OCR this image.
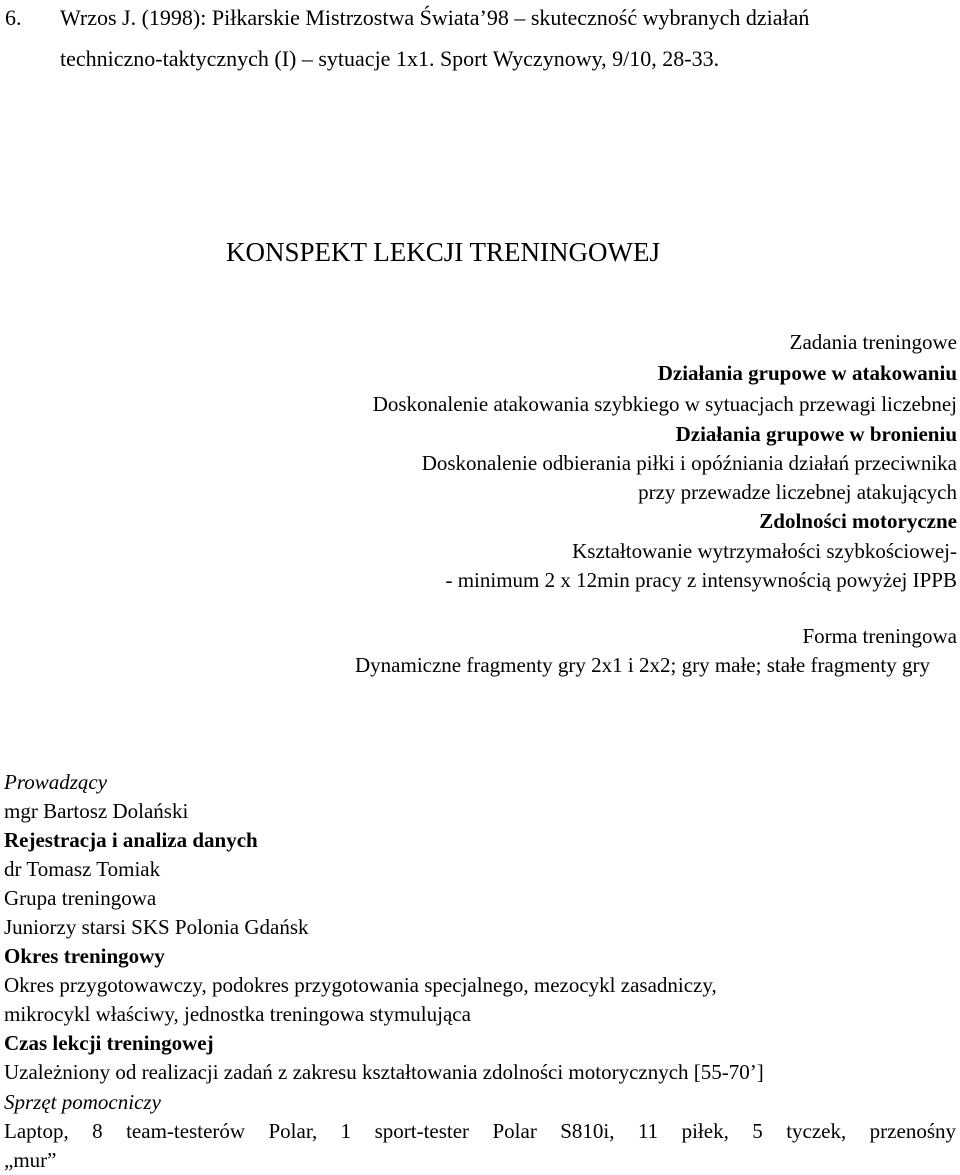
6. Wrzos J. (1998): Piłkarskie Mistrzostwa Świata’98 – skuteczność wybranych działań
techniczno-taktycznych (I) – sytuacje 1x1. Sport Wyczynowy, 9/10, 28-33.
KONSPEKT LEKCJI TRENINGOWEJ
Zadania treningowe
Działania grupowe w atakowaniu
Doskonalenie atakowania szybkiego w sytuacjach przewagi liczebnej
Działania grupowe w bronieniu
Doskonalenie odbierania piłki i opóźniania działań przeciwnika
przy przewadze liczebnej atakujących
Zdolności motoryczne
Kształtowanie wytrzymałości szybkościowej-
- minimum 2 x 12min pracy z intensywnością powyżej IPPB
Forma treningowa
Dynamiczne fragmenty gry 2x1 i 2x2; gry małe; stałe fragmenty gry
Prowadzący
mgr Bartosz Dolański
Rejestracja i analiza danych
dr Tomasz Tomiak
Grupa treningowa
Juniorzy starsi SKS Polonia Gdańsk
Okres treningowy
Okres przygotowawczy, podokres przygotowania specjalnego, mezocykl zasadniczy,
mikrocykl właściwy, jednostka treningowa stymulująca
Czas lekcji treningowej
Uzależniony od realizacji zadań z zakresu kształtowania zdolności motorycznych [55-70’]
Sprzęt pomocniczy
Laptop, 8 team-testerów Polar, 1 sport-tester Polar S810i, 11 piłek, 5 tyczek, przenośny
„mur”
